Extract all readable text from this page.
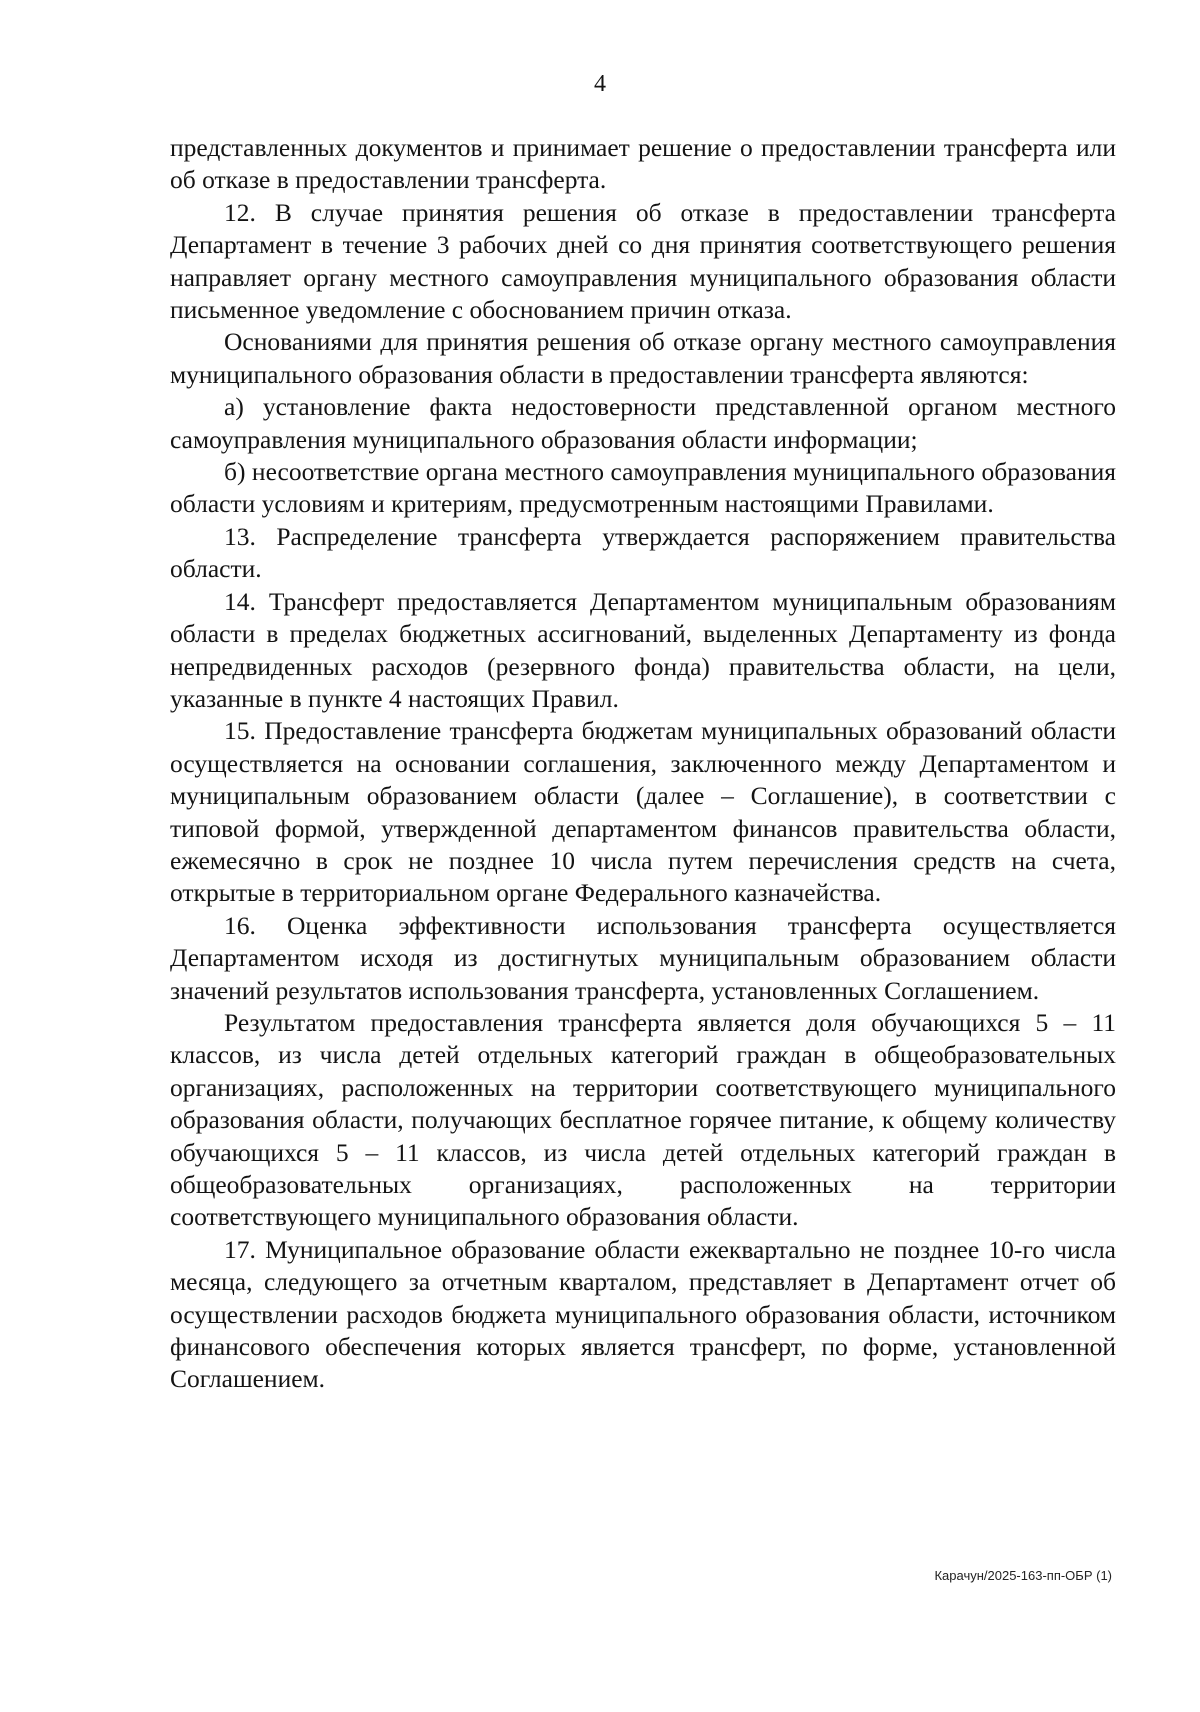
4

представленных документов и принимает решение о предоставлении трансферта или об отказе в предоставлении трансферта.

12. В случае принятия решения об отказе в предоставлении трансферта Департамент в течение 3 рабочих дней со дня принятия соответствующего решения направляет органу местного самоуправления муниципального образования области письменное уведомление с обоснованием причин отказа.

Основаниями для принятия решения об отказе органу местного самоуправления муниципального образования области в предоставлении трансферта являются:

а) установление факта недостоверности представленной органом местного самоуправления муниципального образования области информации;

б) несоответствие органа местного самоуправления муниципального образования области условиям и критериям, предусмотренным настоящими Правилами.

13. Распределение трансферта утверждается распоряжением правительства области.

14. Трансферт предоставляется Департаментом муниципальным образованиям области в пределах бюджетных ассигнований, выделенных Департаменту из фонда непредвиденных расходов (резервного фонда) правительства области, на цели, указанные в пункте 4 настоящих Правил.

15. Предоставление трансферта бюджетам муниципальных образований области осуществляется на основании соглашения, заключенного между Департаментом и муниципальным образованием области (далее – Соглашение), в соответствии с типовой формой, утвержденной департаментом финансов правительства области, ежемесячно в срок не позднее 10 числа путем перечисления средств на счета, открытые в территориальном органе Федерального казначейства.

16. Оценка эффективности использования трансферта осуществляется Департаментом исходя из достигнутых муниципальным образованием области значений результатов использования трансферта, установленных Соглашением.

Результатом предоставления трансферта является доля обучающихся 5 – 11 классов, из числа детей отдельных категорий граждан в общеобразовательных организациях, расположенных на территории соответствующего муниципального образования области, получающих бесплатное горячее питание, к общему количеству обучающихся 5 – 11 классов, из числа детей отдельных категорий граждан в общеобразовательных организациях, расположенных на территории соответствующего муниципального образования области.

17. Муниципальное образование области ежеквартально не позднее 10-го числа месяца, следующего за отчетным кварталом, представляет в Департамент отчет об осуществлении расходов бюджета муниципального образования области, источником финансового обеспечения которых является трансферт, по форме, установленной Соглашением.

Карачун/2025-163-пп-ОБР (1)
